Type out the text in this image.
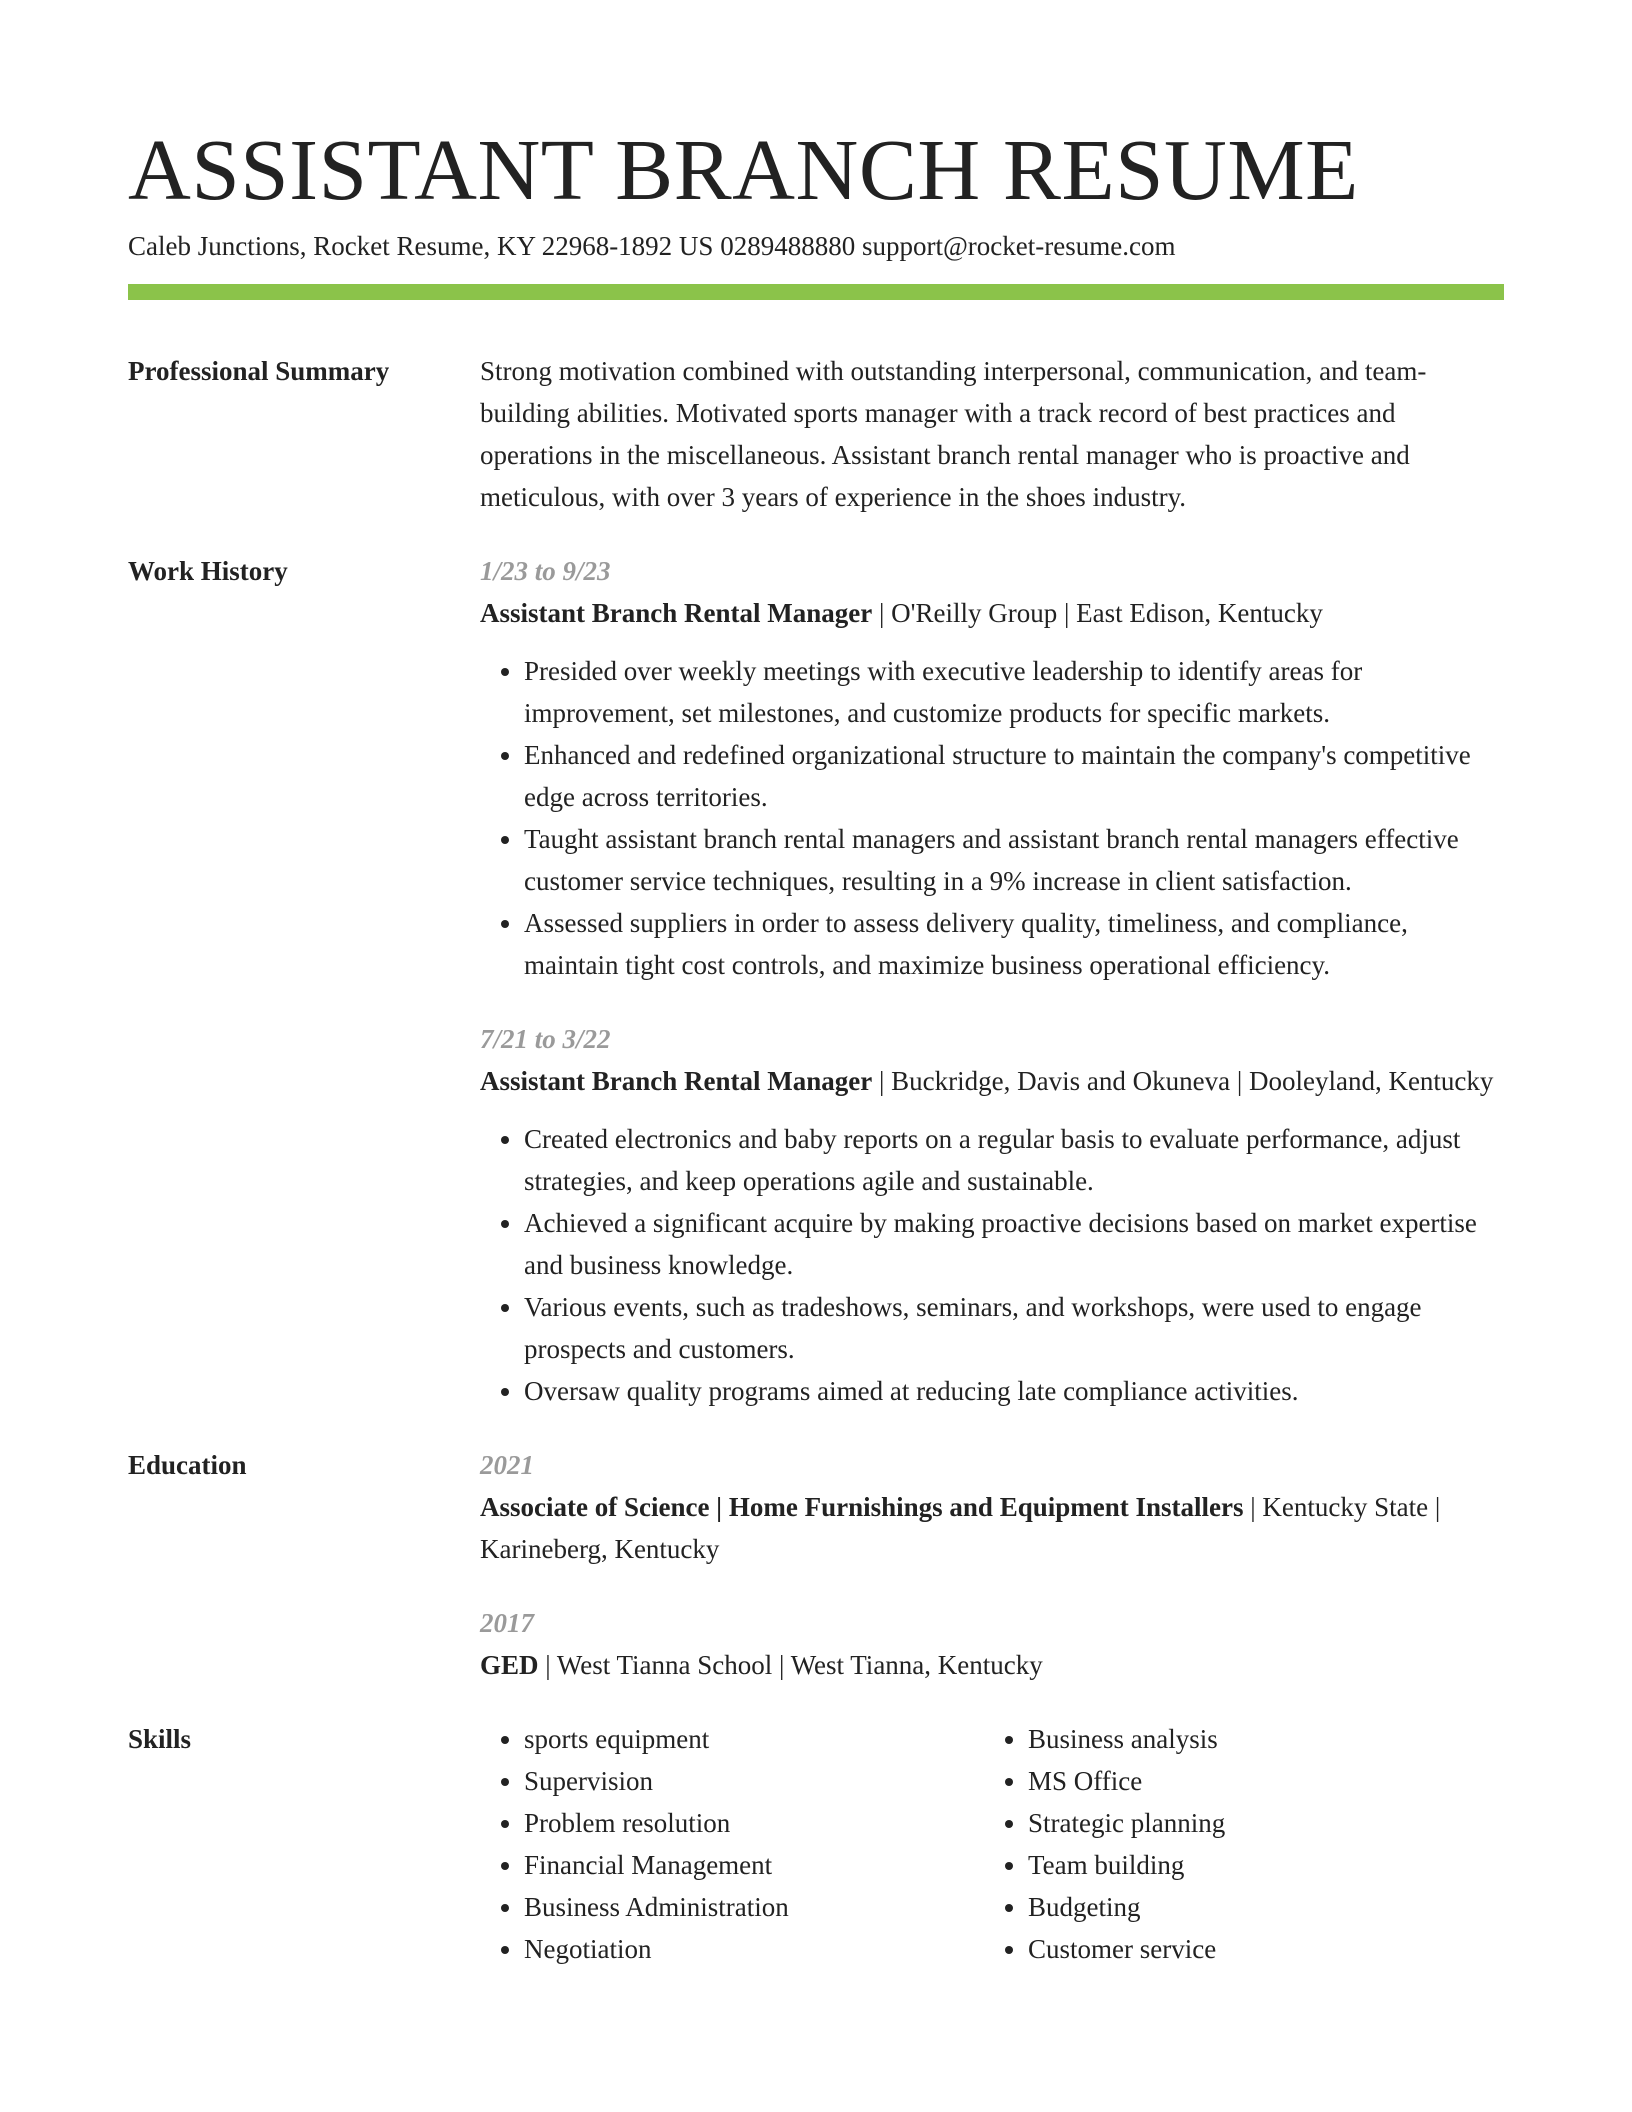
ASSISTANT BRANCH RESUME
Caleb Junctions, Rocket Resume, KY 22968-1892 US 0289488880 support@rocket-resume.com
Professional Summary	Strong motivation combined with outstanding interpersonal, communication, and team-building abilities. Motivated sports manager with a track record of best practices and operations in the miscellaneous. Assistant branch rental manager who is proactive and meticulous, with over 3 years of experience in the shoes industry.
Work History	1/23 to 9/23
Assistant Branch Rental Manager | O'Reilly Group | East Edison, Kentucky
• Presided over weekly meetings with executive leadership to identify areas for improvement, set milestones, and customize products for specific markets.
• Enhanced and redefined organizational structure to maintain the company's competitive edge across territories.
• Taught assistant branch rental managers and assistant branch rental managers effective customer service techniques, resulting in a 9% increase in client satisfaction.
• Assessed suppliers in order to assess delivery quality, timeliness, and compliance, maintain tight cost controls, and maximize business operational efficiency.
7/21 to 3/22
Assistant Branch Rental Manager | Buckridge, Davis and Okuneva | Dooleyland, Kentucky
• Created electronics and baby reports on a regular basis to evaluate performance, adjust strategies, and keep operations agile and sustainable.
• Achieved a significant acquire by making proactive decisions based on market expertise and business knowledge.
• Various events, such as tradeshows, seminars, and workshops, were used to engage prospects and customers.
• Oversaw quality programs aimed at reducing late compliance activities.
Education	2021
Associate of Science | Home Furnishings and Equipment Installers | Kentucky State | Karineberg, Kentucky
2017
GED | West Tianna School | West Tianna, Kentucky
Skills
•	sports equipment
• Supervision
• Problem resolution
• Financial Management
• Business Administration
• Negotiation
• Business analysis
• MS Office
• Strategic planning
• Team building
• Budgeting
• Customer service
